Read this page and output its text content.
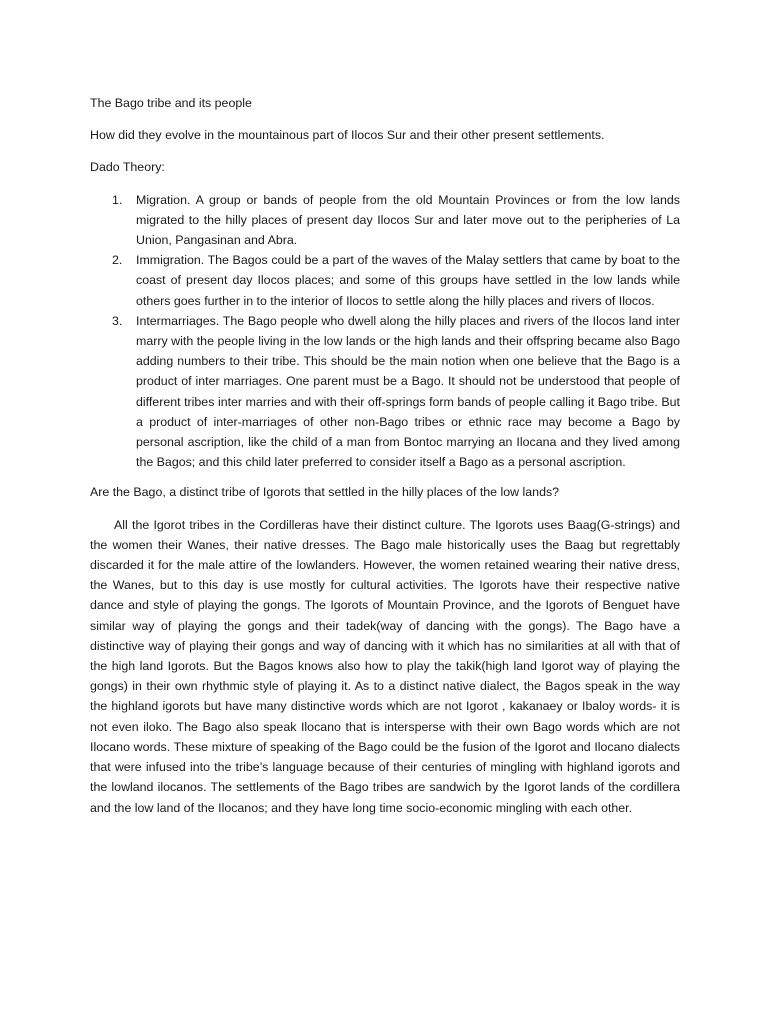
The Bago tribe and its people

How did they evolve in the mountainous part of Ilocos Sur and their other present settlements.

Dado Theory:

1.	Migration. A group or bands of people from the old Mountain Provinces or from the low lands migrated to the hilly places of present day Ilocos Sur and later move out to the peripheries of La Union, Pangasinan and Abra.
2.	Immigration. The Bagos could be a part of the waves of the Malay settlers that came by boat to the coast of present day Ilocos places; and some of this groups have settled in the low lands while others goes further in to the interior of Ilocos to settle along the hilly places and rivers of Ilocos.
3.	Intermarriages. The Bago people who dwell along the hilly places and rivers of the Ilocos land inter marry with the people living in the low lands or the high lands and their offspring became also Bago adding numbers to their tribe. This should be the main notion when one believe that the Bago is a product of inter marriages. One parent must be a Bago. It should not be understood that people of different tribes inter marries and with their off-springs form bands of people calling it Bago tribe. But a product of inter-marriages of other non-Bago tribes or ethnic race may become a Bago by personal ascription, like the child of a man from Bontoc marrying an Ilocana and they lived among the Bagos; and this child later preferred to consider itself a Bago as a personal ascription.

Are the Bago, a distinct tribe of Igorots that settled in the hilly places of the low lands?

All the Igorot tribes in the Cordilleras have their distinct culture. The Igorots uses Baag(G-strings) and the women their Wanes, their native dresses. The Bago male historically uses the Baag but regrettably discarded it for the male attire of the lowlanders. However, the women retained wearing their native dress, the Wanes, but to this day is use mostly for cultural activities. The Igorots have their respective native dance and style of playing the gongs. The Igorots of Mountain Province, and the Igorots of Benguet have similar way of playing the gongs and their tadek(way of dancing with the gongs). The Bago have a distinctive way of playing their gongs and way of dancing with it which has no similarities at all with that of the high land Igorots. But the Bagos knows also how to play the takik(high land Igorot way of playing the gongs) in their own rhythmic style of playing it. As to a distinct native dialect, the Bagos speak in the way the highland igorots but have many distinctive words which are not Igorot , kakanaey or Ibaloy words- it is not even iloko. The Bago also speak Ilocano that is intersperse with their own Bago words which are not Ilocano words. These mixture of speaking of the Bago could be the fusion of the Igorot and Ilocano dialects that were infused into the tribe’s language because of their centuries of mingling with highland igorots and the lowland ilocanos. The settlements of the Bago tribes are sandwich by the Igorot lands of the cordillera and the low land of the Ilocanos; and they have long time socio-economic mingling with each other.
